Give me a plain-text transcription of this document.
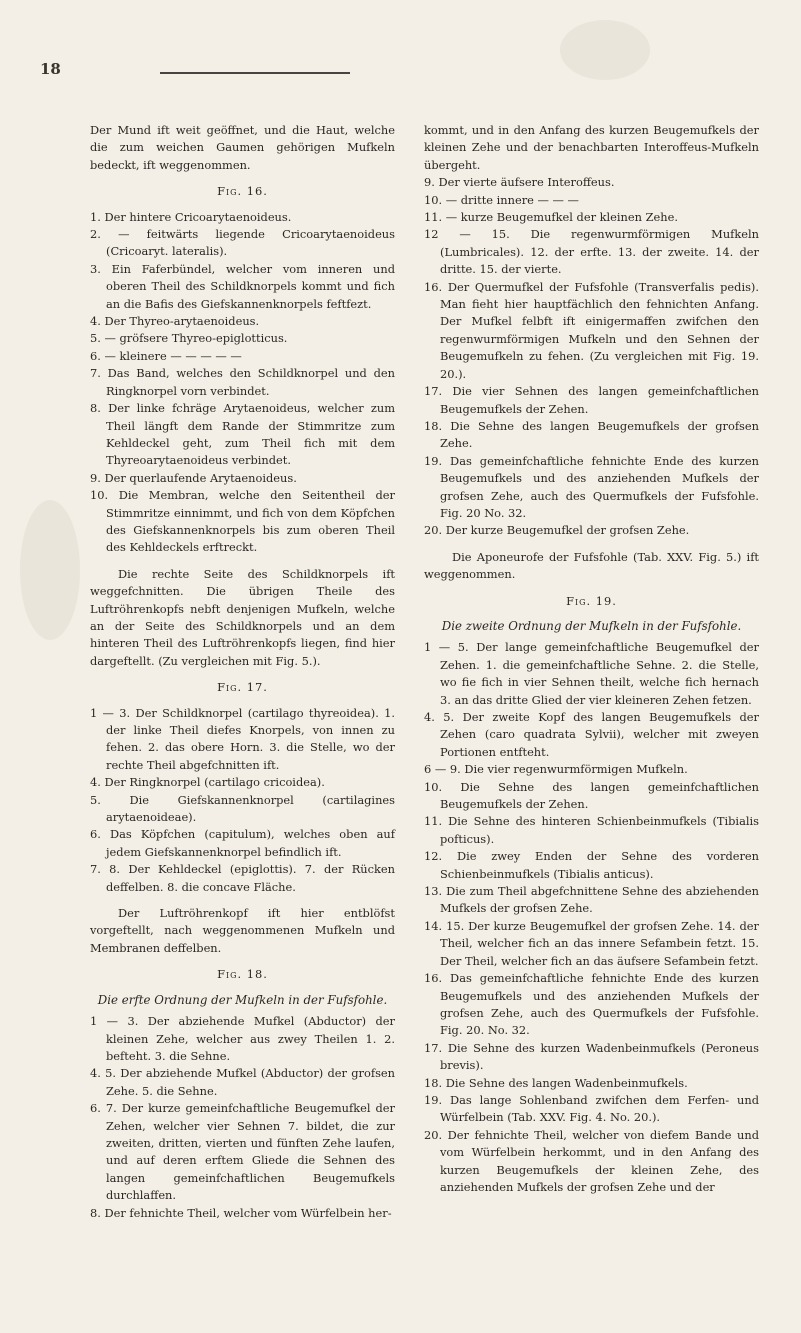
18

Der Mund ift weit geöffnet, und die Haut, welche die zum weichen Gaumen gehörigen Mufkeln bedeckt, ift weggenommen.

Fig. 16.

1. Der hintere Cricoarytaenoideus.

2. — feitwärts liegende Cricoarytaenoideus (Cricoaryt. lateralis).

3. Ein Faferbündel, welcher vom inneren und oberen Theil des Schildknorpels kommt und fich an die Bafis des Giefskannenknorpels feftfezt.

4. Der Thyreo-arytaenoideus.

5. — gröfsere Thyreo-epiglotticus.

6. — kleinere — — — — —

7. Das Band, welches den Schildknorpel und den Ringknorpel vorn verbindet.

8. Der linke fchräge Arytaenoideus, welcher zum Theil längft dem Rande der Stimmritze zum Kehldeckel geht, zum Theil fich mit dem Thyreoarytaenoideus verbindet.

9. Der querlaufende Arytaenoideus.

10. Die Membran, welche den Seitentheil der Stimmritze einnimmt, und fich von dem Köpfchen des Giefskannenknorpels bis zum oberen Theil des Kehldeckels erftreckt.

Die rechte Seite des Schildknorpels ift weggefchnitten. Die übrigen Theile des Luftröhrenkopfs nebft denjenigen Mufkeln, welche an der Seite des Schildknorpels und an dem hinteren Theil des Luftröhrenkopfs liegen, find hier dargeftellt. (Zu vergleichen mit Fig. 5.).

Fig. 17.

1 — 3. Der Schildknorpel (cartilago thyreoidea). 1. der linke Theil diefes Knorpels, von innen zu fehen. 2. das obere Horn. 3. die Stelle, wo der rechte Theil abgefchnitten ift.

4. Der Ringknorpel (cartilago cricoidea).

5. Die Giefskannenknorpel (cartilagines arytaenoideae).

6. Das Köpfchen (capitulum), welches oben auf jedem Giefskannenknorpel befindlich ift.

7. 8. Der Kehldeckel (epiglottis). 7. der Rücken deffelben. 8. die concave Fläche.

Der Luftröhrenkopf ift hier entblöfst vorgeftellt, nach weggenommenen Mufkeln und Membranen deffelben.

Fig. 18.
Die erfte Ordnung der Mufkeln in der Fufsfohle.

1 — 3. Der abziehende Mufkel (Abductor) der kleinen Zehe, welcher aus zwey Theilen 1. 2. befteht. 3. die Sehne.

4. 5. Der abziehende Mufkel (Abductor) der grofsen Zehe. 5. die Sehne.

6. 7. Der kurze gemeinfchaftliche Beugemufkel der Zehen, welcher vier Sehnen 7. bildet, die zur zweiten, dritten, vierten und fünften Zehe laufen, und auf deren erftem Gliede die Sehnen des langen gemeinfchaftlichen Beugemufkels durchlaffen.

8. Der fehnichte Theil, welcher vom Würfelbein her-

kommt, und in den Anfang des kurzen Beugemufkels der kleinen Zehe und der benachbarten Interoffeus-Mufkeln übergeht.

9. Der vierte äufsere Interoffeus.

10. — dritte innere — — —

11. — kurze Beugemufkel der kleinen Zehe.

12 — 15. Die regenwurmförmigen Mufkeln (Lumbricales). 12. der erfte. 13. der zweite. 14. der dritte. 15. der vierte.

16. Der Quermufkel der Fufsfohle (Transverfalis pedis). Man fieht hier hauptfächlich den fehnichten Anfang. Der Mufkel felbft ift einigermaffen zwifchen den regenwurmförmigen Mufkeln und den Sehnen der Beugemufkeln zu fehen. (Zu vergleichen mit Fig. 19. 20.).

17. Die vier Sehnen des langen gemeinfchaftlichen Beugemufkels der Zehen.

18. Die Sehne des langen Beugemufkels der grofsen Zehe.

19. Das gemeinfchaftliche fehnichte Ende des kurzen Beugemufkels und des anziehenden Mufkels der grofsen Zehe, auch des Quermufkels der Fufsfohle. Fig. 20 No. 32.

20. Der kurze Beugemufkel der grofsen Zehe.

Die Aponeurofe der Fufsfohle (Tab. XXV. Fig. 5.) ift weggenommen.

Fig. 19.
Die zweite Ordnung der Mufkeln in der Fufsfohle.

1 — 5. Der lange gemeinfchaftliche Beugemufkel der Zehen. 1. die gemeinfchaftliche Sehne. 2. die Stelle, wo fie fich in vier Sehnen theilt, welche fich hernach 3. an das dritte Glied der vier kleineren Zehen fetzen.

4. 5. Der zweite Kopf des langen Beugemufkels der Zehen (caro quadrata Sylvii), welcher mit zweyen Portionen entfteht.

6 — 9. Die vier regenwurmförmigen Mufkeln.

10. Die Sehne des langen gemeinfchaftlichen Beugemufkels der Zehen.

11. Die Sehne des hinteren Schienbeinmufkels (Tibialis pofticus).

12. Die zwey Enden der Sehne des vorderen Schienbeinmufkels (Tibialis anticus).

13. Die zum Theil abgefchnittene Sehne des abziehenden Mufkels der grofsen Zehe.

14. 15. Der kurze Beugemufkel der grofsen Zehe. 14. der Theil, welcher fich an das innere Sefambein fetzt. 15. Der Theil, welcher fich an das äufsere Sefambein fetzt.

16. Das gemeinfchaftliche fehnichte Ende des kurzen Beugemufkels und des anziehenden Mufkels der grofsen Zehe, auch des Quermufkels der Fufsfohle. Fig. 20. No. 32.

17. Die Sehne des kurzen Wadenbeinmufkels (Peroneus brevis).

18. Die Sehne des langen Wadenbeinmufkels.

19. Das lange Sohlenband zwifchen dem Ferfen- und Würfelbein (Tab. XXV. Fig. 4. No. 20.).

20. Der fehnichte Theil, welcher von diefem Bande und vom Würfelbein herkommt, und in den Anfang des kurzen Beugemufkels der kleinen Zehe, des anziehenden Mufkels der grofsen Zehe und der
